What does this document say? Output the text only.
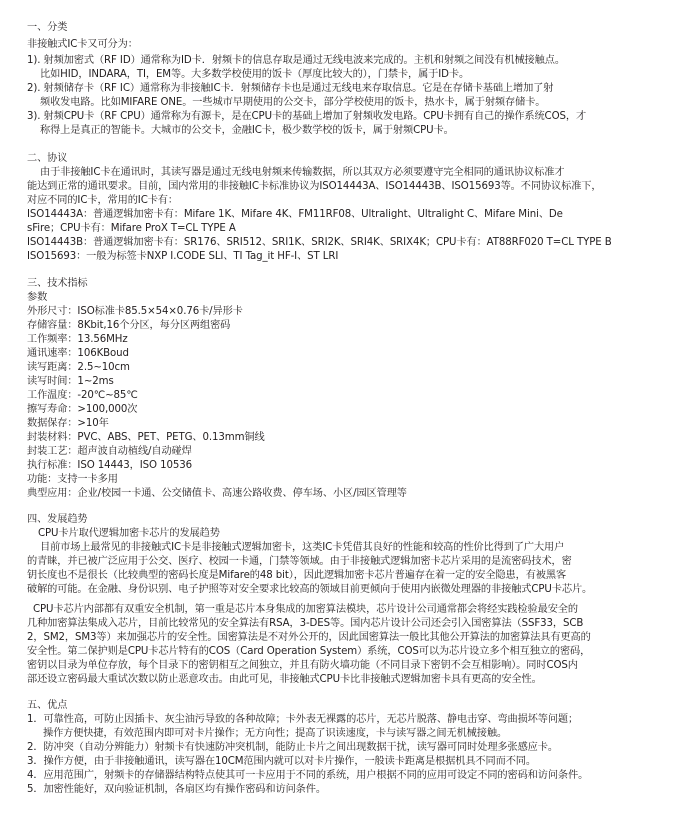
一、分类
非接触式IC卡又可分为：
1). 射频加密式（RF ID）通常称为ID卡．射频卡的信息存取是通过无线电波来完成的。主机和射频之间没有机械接触点。
比如HID，INDARA，TI，EM等。大多数学校使用的饭卡（厚度比较大的），门禁卡，属于ID卡。
2). 射频储存卡（RF IC）通常称为非接触IC卡．射频储存卡也是通过无线电来存取信息。它是在存储卡基础上增加了射
频收发电路。比如MIFARE ONE。一些城市早期使用的公交卡，部分学校使用的饭卡，热水卡，属于射频存储卡。
3). 射频CPU卡（RF CPU）通常称为有源卡，是在CPU卡的基础上增加了射频收发电路。CPU卡拥有自己的操作系统COS，才
称得上是真正的智能卡。大城市的公交卡，金融IC卡，极少数学校的饭卡，属于射频CPU卡。
二、协议
由于非接触IC卡在通讯时，其读写器是通过无线电射频来传输数据，所以其双方必须要遵守完全相同的通讯协议标准才
能达到正常的通讯要求。目前，国内常用的非接触IC卡标准协议为ISO14443A、ISO14443B、ISO15693等。不同协议标准下，
对应不同的IC卡，常用的IC卡有：
ISO14443A：普通逻辑加密卡有：Mifare 1K、Mifare 4K、FM11RF08、Ultralight、Ultralight C、Mifare Mini、De
sFire；CPU卡有：Mifare ProX T=CL TYPE A
ISO14443B：普通逻辑加密卡有：SR176、SRI512、SRI1K、SRI2K、SRI4K、SRIX4K；CPU卡有：AT88RF020 T=CL TYPE B
ISO15693：一般为标签卡NXP I.CODE SLI、TI Tag_it HF-I、ST LRI
三、技术指标
参数
外形尺寸：ISO标准卡85.5×54×0.76卡/异形卡
存储容量：8Kbit,16个分区，每分区两组密码
工作频率：13.56MHz
通讯速率：106KBoud
读写距离：2.5~10cm
读写时间：1~2ms
工作温度：-20℃~85℃
擦写寿命：>100,000次
数据保存：>10年
封装材料：PVC、ABS、PET、PETG、0.13mm铜线
封装工艺：超声波自动植线/自动碰焊
执行标准：ISO 14443，ISO 10536
功能：支持一卡多用
典型应用：企业/校园一卡通、公交储值卡、高速公路收费、停车场、小区/园区管理等
四、发展趋势
CPU卡片取代逻辑加密卡芯片的发展趋势
目前市场上最常见的非接触式IC卡是非接触式逻辑加密卡，这类IC卡凭借其良好的性能和较高的性价比得到了广大用户
的青睐，并已被广泛应用于公交、医疗、校园一卡通，门禁等领域。由于非接触式逻辑加密卡芯片采用的是流密码技术，密
钥长度也不是很长（比较典型的密码长度是Mifare的48 bit），因此逻辑加密卡芯片普遍存在着一定的安全隐患，有被黑客
破解的可能。在金融、身份识别、电子护照等对安全要求比较高的领域目前更倾向于使用内嵌微处理器的非接触式CPU卡芯片。
CPU卡芯片内部都有双重安全机制，第一重是芯片本身集成的加密算法模块，芯片设计公司通常都会将经实践检验最安全的
几种加密算法集成入芯片，目前比较常见的安全算法有RSA，3-DES等。国内芯片设计公司还会引入国密算法（SSF33，SCB
2，SM2，SM3等）来加强芯片的安全性。国密算法是不对外公开的，因此国密算法一般比其他公开算法的加密算法具有更高的
安全性。第二保护则是CPU卡芯片特有的COS（Card Operation System）系统，COS可以为芯片设立多个相互独立的密码，
密钥以目录为单位存放，每个目录下的密钥相互之间独立，并且有防火墙功能（不同目录下密钥不会互相影响）。同时COS内
部还设立密码最大重试次数以防止恶意攻击。由此可见，非接触式CPU卡比非接触式逻辑加密卡具有更高的安全性。
五、优点
1．可靠性高，可防止因插卡、灰尘油污导致的各种故障；卡外表无裸露的芯片，无芯片脱落、静电击穿、弯曲损坏等问题；
操作方便快捷，有效范围内即可对卡片操作；无方向性；提高了识读速度，卡与读写器之间无机械接触。
2．防冲突（自动分辨能力）射频卡有快速防冲突机制，能防止卡片之间出现数据干扰，读写器可同时处理多张感应卡。
3．操作方便，由于非接触通讯，读写器在10CM范围内就可以对卡片操作，一般读卡距离是根据机具不同而不同。
4．应用范围广，射频卡的存储器结构特点使其可一卡应用于不同的系统，用户根据不同的应用可设定不同的密码和访问条件。
5．加密性能好，双向验证机制，各扇区均有操作密码和访问条件。
